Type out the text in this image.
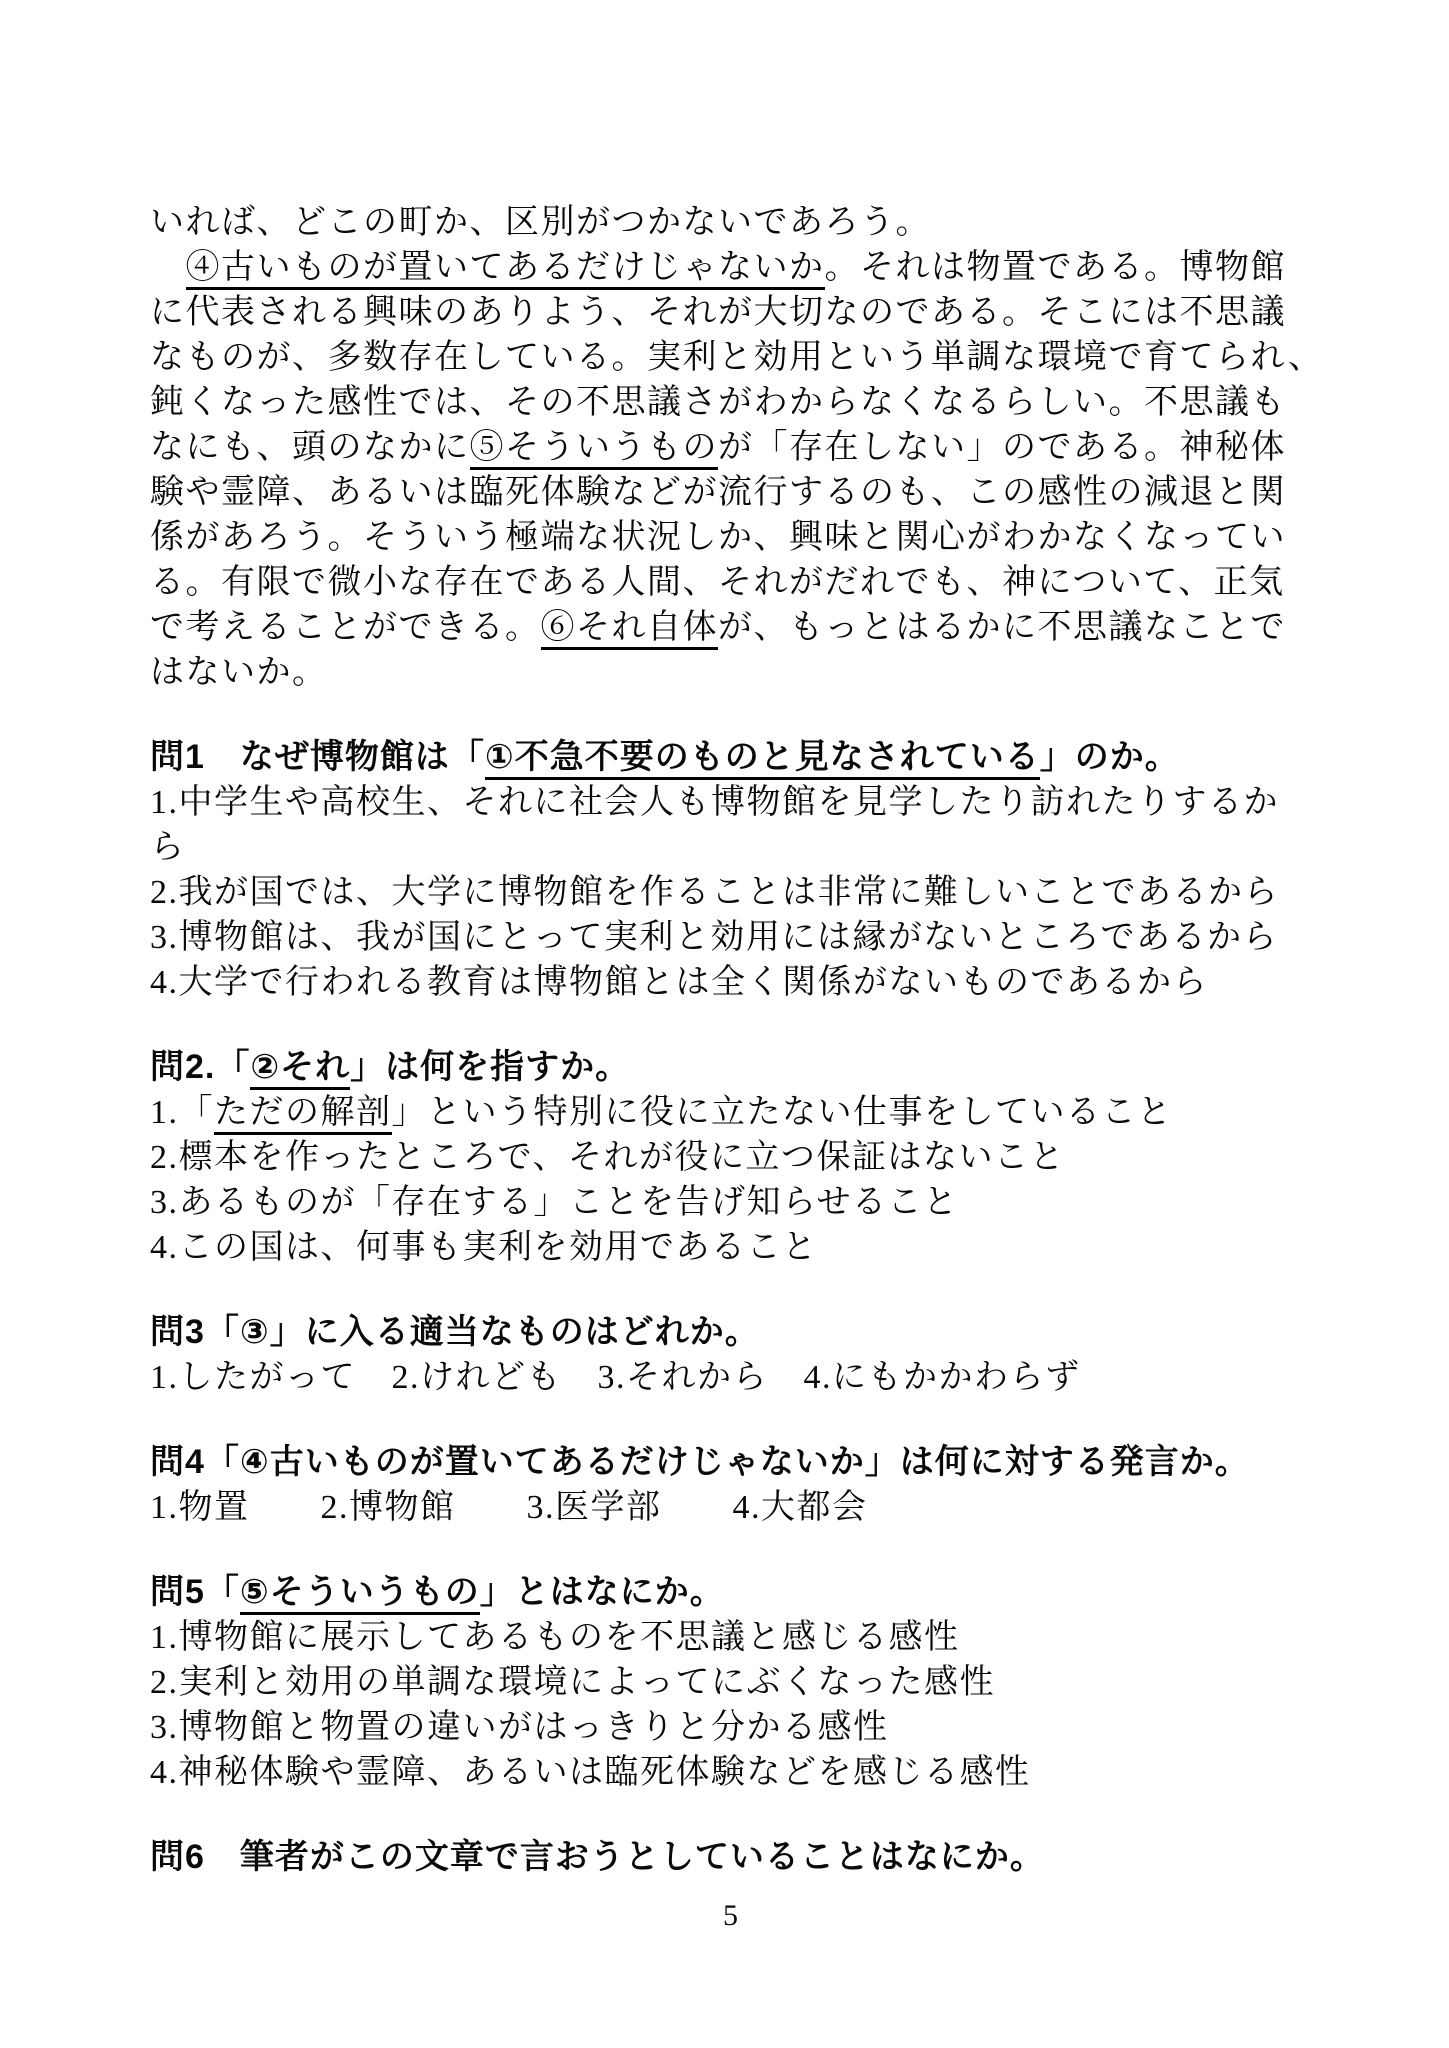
いれば、どこの町か、区別がつかないであろう。
　④古いものが置いてあるだけじゃないか。それは物置である。博物館
に代表される興味のありよう、それが大切なのである。そこには不思議
なものが、多数存在している。実利と効用という単調な環境で育てられ、
鈍くなった感性では、その不思議さがわからなくなるらしい。不思議も
なにも、頭のなかに⑤そういうものが「存在しない」のである。神秘体
験や霊障、あるいは臨死体験などが流行するのも、この感性の減退と関
係があろう。そういう極端な状況しか、興味と関心がわかなくなってい
る。有限で微小な存在である人間、それがだれでも、神について、正気
で考えることができる。⑥それ自体が、もっとはるかに不思議なことで
はないか。
問1　なぜ博物館は「①不急不要のものと見なされている」のか。
1.中学生や高校生、それに社会人も博物館を見学したり訪れたりするから
2.我が国では、大学に博物館を作ることは非常に難しいことであるから
3.博物館は、我が国にとって実利と効用には縁がないところであるから
4.大学で行われる教育は博物館とは全く関係がないものであるから
問2.「②それ」は何を指すか。
1.「ただの解剖」という特別に役に立たない仕事をしていること
2.標本を作ったところで、それが役に立つ保証はないこと
3.あるものが「存在する」ことを告げ知らせること
4.この国は、何事も実利を効用であること
問3「③」に入る適当なものはどれか。
1.したがって　2.けれども　3.それから　4.にもかかわらず
問4「④古いものが置いてあるだけじゃないか」は何に対する発言か。
1.物置　　2.博物館　　3.医学部　　4.大都会
問5「⑤そういうもの」とはなにか。
1.博物館に展示してあるものを不思議と感じる感性
2.実利と効用の単調な環境によってにぶくなった感性
3.博物館と物置の違いがはっきりと分かる感性
4.神秘体験や霊障、あるいは臨死体験などを感じる感性
問6　筆者がこの文章で言おうとしていることはなにか。
5
